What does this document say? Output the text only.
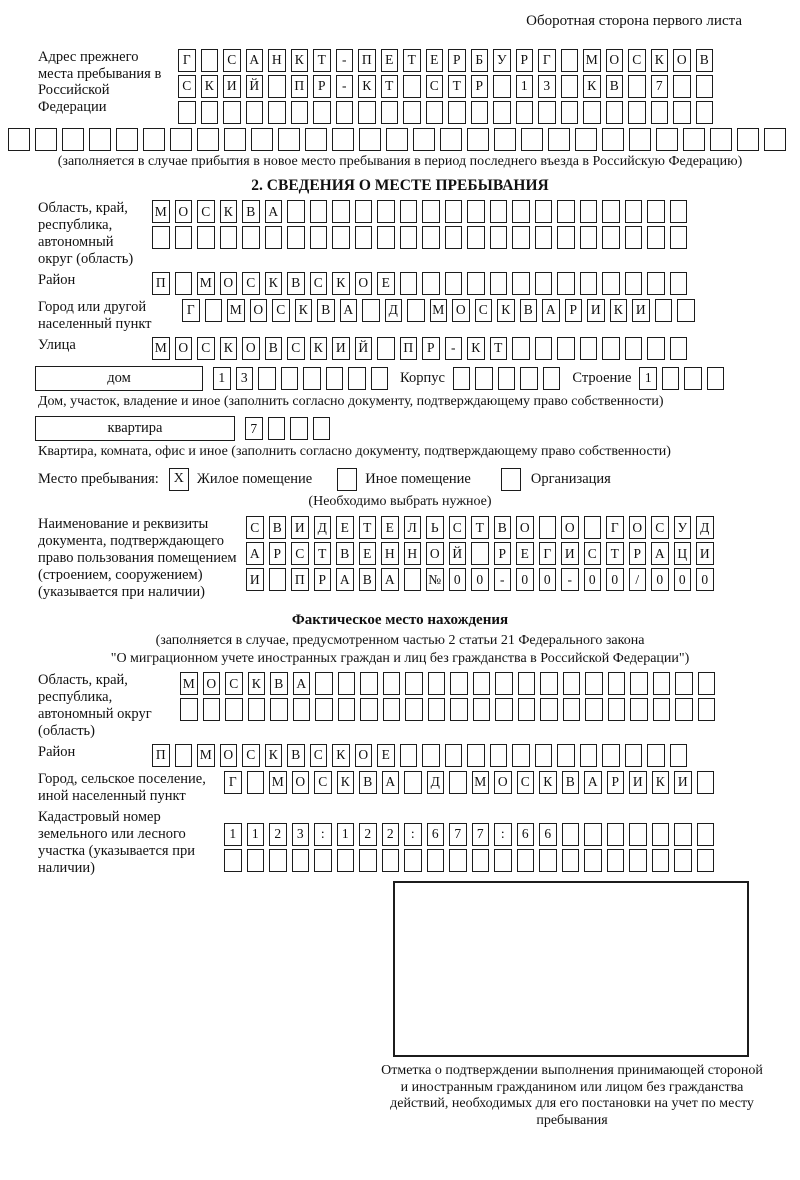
Оборотная сторона первого листа
Адрес прежнего места пребывания в Российской Федерации
Г	С А Н К	Т	-	П	Е	Т	Е	Р	Б	У	Р	Г	М О С К О В
С К И Й	П	Р	-	К	Т	С	Т	Р	1	3	К В	7
(заполняется в случае прибытия в новое место пребывания в период последнего въезда в Российскую Федерацию)
2. СВЕДЕНИЯ О МЕСТЕ ПРЕБЫВАНИЯ
Область, край, республика, автономный округ (область)
М О С К В А
Район	П	М О С К В С К О	Е
Город или другой населенный пункт
Г	М О С К В А	Д	М О С К В А	Р	И К И
Улица	М О С К О В С К И Й	П	Р	-	К	Т
дом	1	3	Корпус	Строение 1
Дом, участок, владение и иное (заполнить согласно документу, подтверждающему право собственности)
квартира	7
Квартира, комната, офис и иное (заполнить согласно документу, подтверждающему право собственности)
Место пребывания:	X Жилое помещение	Иное помещение	Организация
(Необходимо выбрать нужное)
Наименование и реквизиты документа, подтверждающего право пользования помещением (строением, сооружением) (указывается при наличии)
С В И Д	Е	Т	Е	Л	Ь	С	Т	В О	О	Г	О С У Д
А	Р	С	Т	В	Е	Н Н О Й	Р	Е	Г	И С	Т	Р	А Ц И
И	П	Р	А В А № 0	0	-	0	0	-	0	0	/	0	0	0
Фактическое место нахождения
(заполняется в случае, предусмотренном частью 2 статьи 21 Федерального закона
"О миграционном учете иностранных граждан и лиц без гражданства в Российской Федерации")
Область, край, республика, автономный округ (область)
М О С К В А
Район	П	М О С К В С К О	Е
Город, сельское поселение, иной населенный пункт
Г	М О С К В А	Д	М О С К В А	Р	И К И
Кадастровый номер земельного или лесного участка (указывается при наличии)
1	1	2	3	:	1	2	2	:	6	7	7	:	6	6
Отметка о подтверждении выполнения принимающей стороной и иностранным гражданином или лицом без гражданства действий, необходимых для его постановки на учет по месту пребывания
